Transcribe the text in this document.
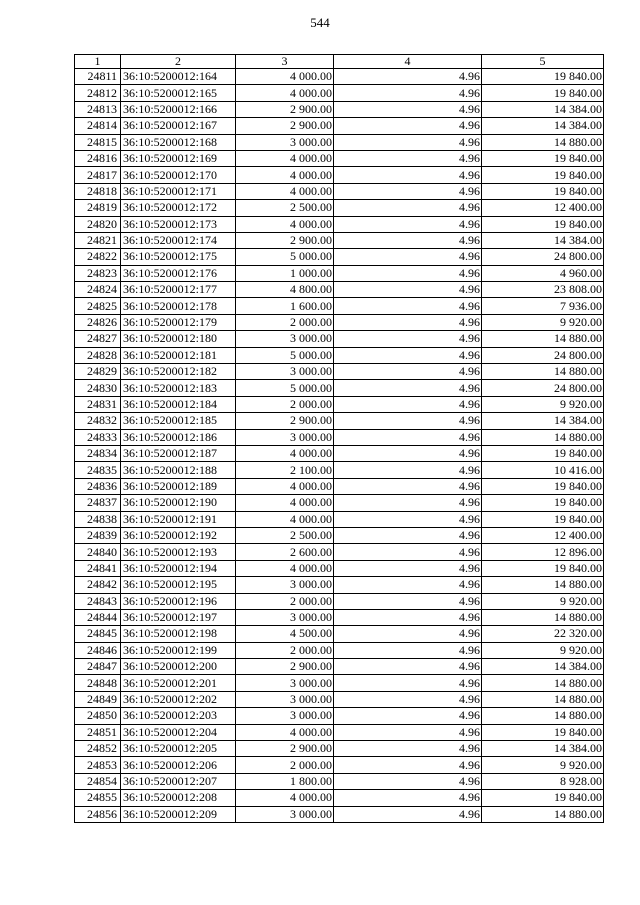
544
1	2	3	4	5
24811	36:10:5200012:164	4 000.00	4.96	19 840.00
24812	36:10:5200012:165	4 000.00	4.96	19 840.00
24813	36:10:5200012:166	2 900.00	4.96	14 384.00
24814	36:10:5200012:167	2 900.00	4.96	14 384.00
24815	36:10:5200012:168	3 000.00	4.96	14 880.00
24816	36:10:5200012:169	4 000.00	4.96	19 840.00
24817	36:10:5200012:170	4 000.00	4.96	19 840.00
24818	36:10:5200012:171	4 000.00	4.96	19 840.00
24819	36:10:5200012:172	2 500.00	4.96	12 400.00
24820	36:10:5200012:173	4 000.00	4.96	19 840.00
24821	36:10:5200012:174	2 900.00	4.96	14 384.00
24822	36:10:5200012:175	5 000.00	4.96	24 800.00
24823	36:10:5200012:176	1 000.00	4.96	4 960.00
24824	36:10:5200012:177	4 800.00	4.96	23 808.00
24825	36:10:5200012:178	1 600.00	4.96	7 936.00
24826	36:10:5200012:179	2 000.00	4.96	9 920.00
24827	36:10:5200012:180	3 000.00	4.96	14 880.00
24828	36:10:5200012:181	5 000.00	4.96	24 800.00
24829	36:10:5200012:182	3 000.00	4.96	14 880.00
24830	36:10:5200012:183	5 000.00	4.96	24 800.00
24831	36:10:5200012:184	2 000.00	4.96	9 920.00
24832	36:10:5200012:185	2 900.00	4.96	14 384.00
24833	36:10:5200012:186	3 000.00	4.96	14 880.00
24834	36:10:5200012:187	4 000.00	4.96	19 840.00
24835	36:10:5200012:188	2 100.00	4.96	10 416.00
24836	36:10:5200012:189	4 000.00	4.96	19 840.00
24837	36:10:5200012:190	4 000.00	4.96	19 840.00
24838	36:10:5200012:191	4 000.00	4.96	19 840.00
24839	36:10:5200012:192	2 500.00	4.96	12 400.00
24840	36:10:5200012:193	2 600.00	4.96	12 896.00
24841	36:10:5200012:194	4 000.00	4.96	19 840.00
24842	36:10:5200012:195	3 000.00	4.96	14 880.00
24843	36:10:5200012:196	2 000.00	4.96	9 920.00
24844	36:10:5200012:197	3 000.00	4.96	14 880.00
24845	36:10:5200012:198	4 500.00	4.96	22 320.00
24846	36:10:5200012:199	2 000.00	4.96	9 920.00
24847	36:10:5200012:200	2 900.00	4.96	14 384.00
24848	36:10:5200012:201	3 000.00	4.96	14 880.00
24849	36:10:5200012:202	3 000.00	4.96	14 880.00
24850	36:10:5200012:203	3 000.00	4.96	14 880.00
24851	36:10:5200012:204	4 000.00	4.96	19 840.00
24852	36:10:5200012:205	2 900.00	4.96	14 384.00
24853	36:10:5200012:206	2 000.00	4.96	9 920.00
24854	36:10:5200012:207	1 800.00	4.96	8 928.00
24855	36:10:5200012:208	4 000.00	4.96	19 840.00
24856	36:10:5200012:209	3 000.00	4.96	14 880.00
